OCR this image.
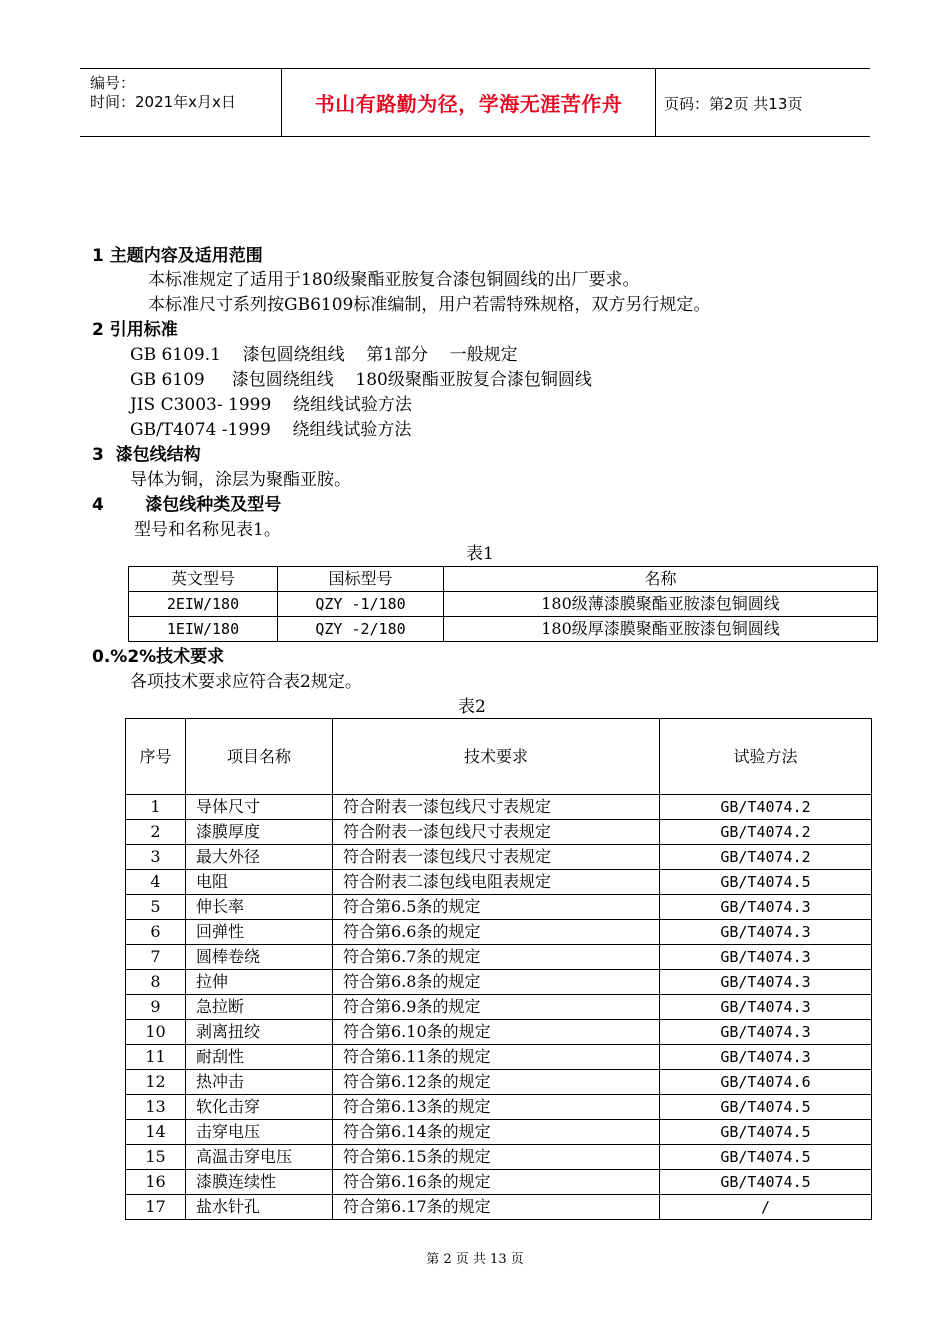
编号：
时间：2021年x月x日	书山有路勤为径，学海无涯苦作舟	页码：第2页 共13页
1 主题内容及适用范围
本标准规定了适用于180级聚酯亚胺复合漆包铜圆线的出厂要求。
本标准尺寸系列按GB6109标准编制，用户若需特殊规格，双方另行规定。
2 引用标准
GB 6109.1    漆包圆绕组线    第1部分    一般规定
GB 6109     漆包圆绕组线    180级聚酯亚胺复合漆包铜圆线
JIS C3003- 1999    绕组线试验方法
GB/T4074 -1999    绕组线试验方法
3  漆包线结构
导体为铜，涂层为聚酯亚胺。
4       漆包线种类及型号
型号和名称见表1。
表1
英文型号	国标型号	名称
2EIW/180	QZY -1/180	180级薄漆膜聚酯亚胺漆包铜圆线
1EIW/180	QZY -2/180	180级厚漆膜聚酯亚胺漆包铜圆线
0.%2%技术要求
各项技术要求应符合表2规定。
表2
序号	项目名称	技术要求	试验方法
1	导体尺寸	符合附表一漆包线尺寸表规定	GB/T4074.2
2	漆膜厚度	符合附表一漆包线尺寸表规定	GB/T4074.2
3	最大外径	符合附表一漆包线尺寸表规定	GB/T4074.2
4	电阻	符合附表二漆包线电阻表规定	GB/T4074.5
5	伸长率	符合第6.5条的规定	GB/T4074.3
6	回弹性	符合第6.6条的规定	GB/T4074.3
7	圆棒卷绕	符合第6.7条的规定	GB/T4074.3
8	拉伸	符合第6.8条的规定	GB/T4074.3
9	急拉断	符合第6.9条的规定	GB/T4074.3
10	剥离扭绞	符合第6.10条的规定	GB/T4074.3
11	耐刮性	符合第6.11条的规定	GB/T4074.3
12	热冲击	符合第6.12条的规定	GB/T4074.6
13	软化击穿	符合第6.13条的规定	GB/T4074.5
14	击穿电压	符合第6.14条的规定	GB/T4074.5
15	高温击穿电压	符合第6.15条的规定	GB/T4074.5
16	漆膜连续性	符合第6.16条的规定	GB/T4074.5
17	盐水针孔	符合第6.17条的规定	/
第 2 页 共 13 页
